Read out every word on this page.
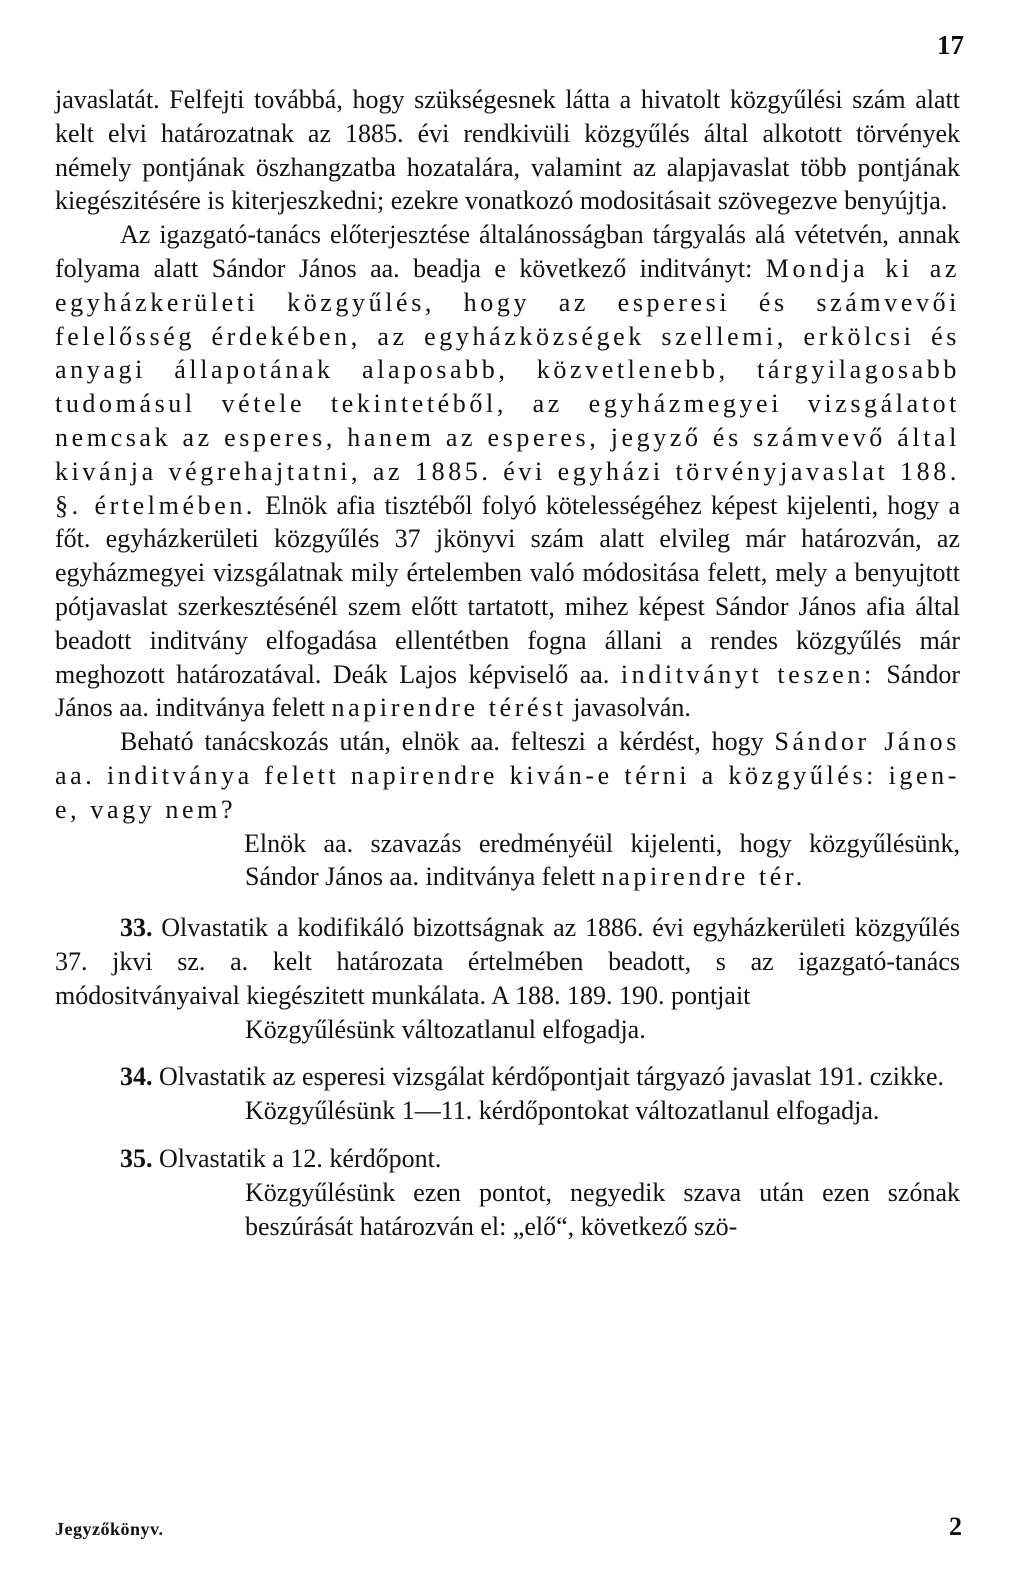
17

javaslatát. Felfejti továbbá, hogy szükségesnek látta a hivatolt közgyűlési szám alatt kelt elvi határozatnak az 1885. évi rendkivüli közgyűlés által alkotott törvények némely pontjának öszhangzatba hozatalára, valamint az alapjavaslat több pontjának kiegészitésére is kiterjeszkedni; ezekre vonatkozó modositásait szövegezve benyújtja.

Az igazgató-tanács előterjesztése általánosságban tárgyalás alá vétetvén, annak folyama alatt Sándor János aa. beadja e következő inditványt: Mondja ki az egyházkerületi közgyűlés, hogy az esperesi és számvevői felelősség érdekében, az egyházközségek szellemi, erkölcsi és anyagi állapotának alaposabb, közvetlenebb, tárgyilagosabb tudomásul vétele tekintetéből, az egyházmegyei vizsgálatot nemcsak az esperes, hanem az esperes, jegyző és számvevő által kivánja végrehajtatni, az 1885. évi egyházi törvényjavaslat 188. §. értelmében. Elnök afia tisztéből folyó kötelességéhez képest kijelenti, hogy a főt. egyházkerületi közgyűlés 37 jkönyvi szám alatt elvileg már határozván, az egyházmegyei vizsgálatnak mily értelemben való módositása felett, mely a benyujtott pótjavaslat szerkesztésénél szem előtt tartatott, mihez képest Sándor János afia által beadott inditvány elfogadása ellentétben fogna állani a rendes közgyűlés már meghozott határozatával. Deák Lajos képviselő aa. inditványt teszen: Sándor János aa. inditványa felett napirendre térést javasolván.

Beható tanácskozás után, elnök aa. felteszi a kérdést, hogy Sándor János aa. inditványa felett napirendre kiván-e térni a közgyűlés: igen-e, vagy nem?

Elnök aa. szavazás eredményéül kijelenti, hogy közgyűlésünk, Sándor János aa. inditványa felett napirendre tér.

33. Olvastatik a kodifikáló bizottságnak az 1886. évi egyházkerületi közgyűlés 37. jkvi sz. a. kelt határozata értelmében beadott, s az igazgató-tanács módositványaival kiegészitett munkálata. A 188. 189. 190. pontjait

Közgyűlésünk változatlanul elfogadja.

34. Olvastatik az esperesi vizsgálat kérdőpontjait tárgyazó javaslat 191. czikke.

Közgyűlésünk 1—11. kérdőpontokat változatlanul elfogadja.

35. Olvastatik a 12. kérdőpont.

Közgyűlésünk ezen pontot, negyedik szava után ezen szónak beszúrását határozván el: „elő“, következő szö-

Jegyzőkönyv.	2
